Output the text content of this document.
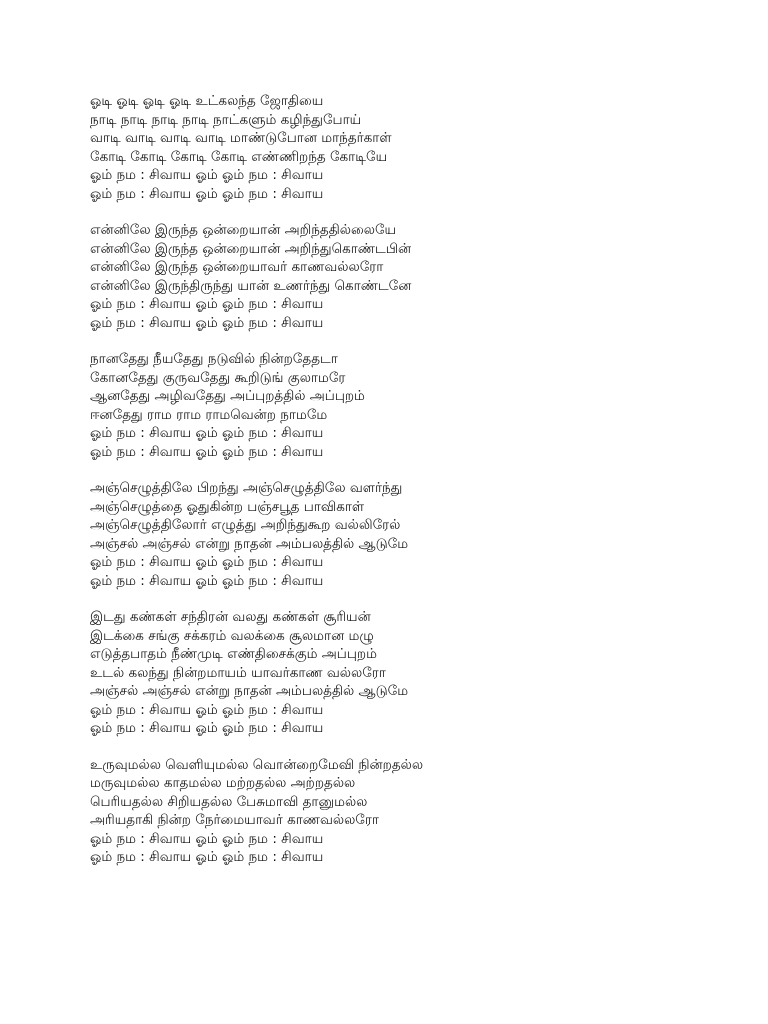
ஓடி ஓடி ஓடி ஓடி உட்கலந்த ஜோதியை
நாடி நாடி நாடி நாடி நாட்களும் கழிந்துபோய்
வாடி வாடி வாடி வாடி மாண்டுபோன மாந்தர்காள்
கோடி கோடி கோடி கோடி எண்ணிறந்த கோடியே
ஓம் நம : சிவாய ஓம் ஓம் நம : சிவாய
ஓம் நம : சிவாய ஓம் ஓம் நம : சிவாய
என்னிலே இருந்த ஒன்றையான் அறிந்ததில்லையே
என்னிலே இருந்த ஒன்றையான் அறிந்துகொண்டபின்
என்னிலே இருந்த ஒன்றையாவர் காணவல்லரோ
என்னிலே இருந்திருந்து யான் உணர்ந்து கொண்டனே
ஓம் நம : சிவாய ஓம் ஓம் நம : சிவாய
ஓம் நம : சிவாய ஓம் ஓம் நம : சிவாய
நானதேது நீயதேது நடுவில் நின்றதேதடா
கோனதேது குருவதேது கூறிடுங் குலாமரே
ஆனதேது அழிவதேது அப்புறத்தில் அப்புறம்
ஈனதேது ராம ராம ராமவென்ற நாமமே
ஓம் நம : சிவாய ஓம் ஓம் நம : சிவாய
ஓம் நம : சிவாய ஓம் ஓம் நம : சிவாய
அஞ்செழுத்திலே பிறந்து அஞ்செழுத்திலே வளர்ந்து
அஞ்செழுத்தை ஓதுகின்ற பஞ்சபூத பாவிகாள்
அஞ்செழுத்திலோர் எழுத்து அறிந்துகூற வல்லிரேல்
அஞ்சல் அஞ்சல் என்று நாதன் அம்பலத்தில் ஆடுமே
ஓம் நம : சிவாய ஓம் ஓம் நம : சிவாய
ஓம் நம : சிவாய ஓம் ஓம் நம : சிவாய
இடது கண்கள் சந்திரன் வலது கண்கள் சூரியன்
இடக்கை சங்கு சக்கரம் வலக்கை சூலமான மழு
எடுத்தபாதம் நீண்முடி எண்திசைக்கும் அப்புறம்
உடல் கலந்து நின்றமாயம் யாவர்காண வல்லரோ
அஞ்சல் அஞ்சல் என்று நாதன் அம்பலத்தில் ஆடுமே
ஓம் நம : சிவாய ஓம் ஓம் நம : சிவாய
ஓம் நம : சிவாய ஓம் ஓம் நம : சிவாய
உருவுமல்ல வெளியுமல்ல வொன்றைமேவி நின்றதல்ல
மருவுமல்ல காதமல்ல மற்றதல்ல அற்றதல்ல
பெரியதல்ல சிறியதல்ல பேசுமாவி தானுமல்ல
அரியதாகி நின்ற நேர்மையாவர் காணவல்லரோ
ஓம் நம : சிவாய ஓம் ஓம் நம : சிவாய
ஓம் நம : சிவாய ஓம் ஓம் நம : சிவாய
